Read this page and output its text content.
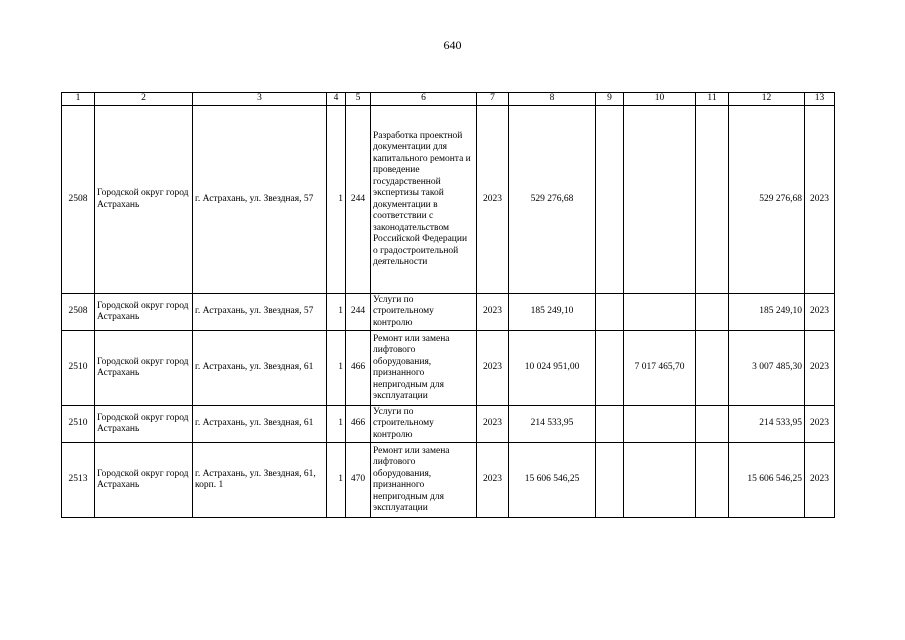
640
1	2	3	4	5	6	7	8	9	10	11	12	13
2508	Городской округ город Астрахань	г. Астрахань, ул. Звездная, 57	1	244	Разработка проектной документации для капитального ремонта и проведение государственной экспертизы такой документации в соответствии с законодательством Российской Федерации о градостроительной деятельности	2023	529 276,68				529 276,68	2023
2508	Городской округ город Астрахань	г. Астрахань, ул. Звездная, 57	1	244	Услуги по строительному контролю	2023	185 249,10				185 249,10	2023
2510	Городской округ город Астрахань	г. Астрахань, ул. Звездная, 61	1	466	Ремонт или замена лифтового оборудования, признанного непригодным для эксплуатации	2023	10 024 951,00		7 017 465,70		3 007 485,30	2023
2510	Городской округ город Астрахань	г. Астрахань, ул. Звездная, 61	1	466	Услуги по строительному контролю	2023	214 533,95				214 533,95	2023
2513	Городской округ город Астрахань	г. Астрахань, ул. Звездная, 61, корп. 1	1	470	Ремонт или замена лифтового оборудования, признанного непригодным для эксплуатации	2023	15 606 546,25				15 606 546,25	2023
